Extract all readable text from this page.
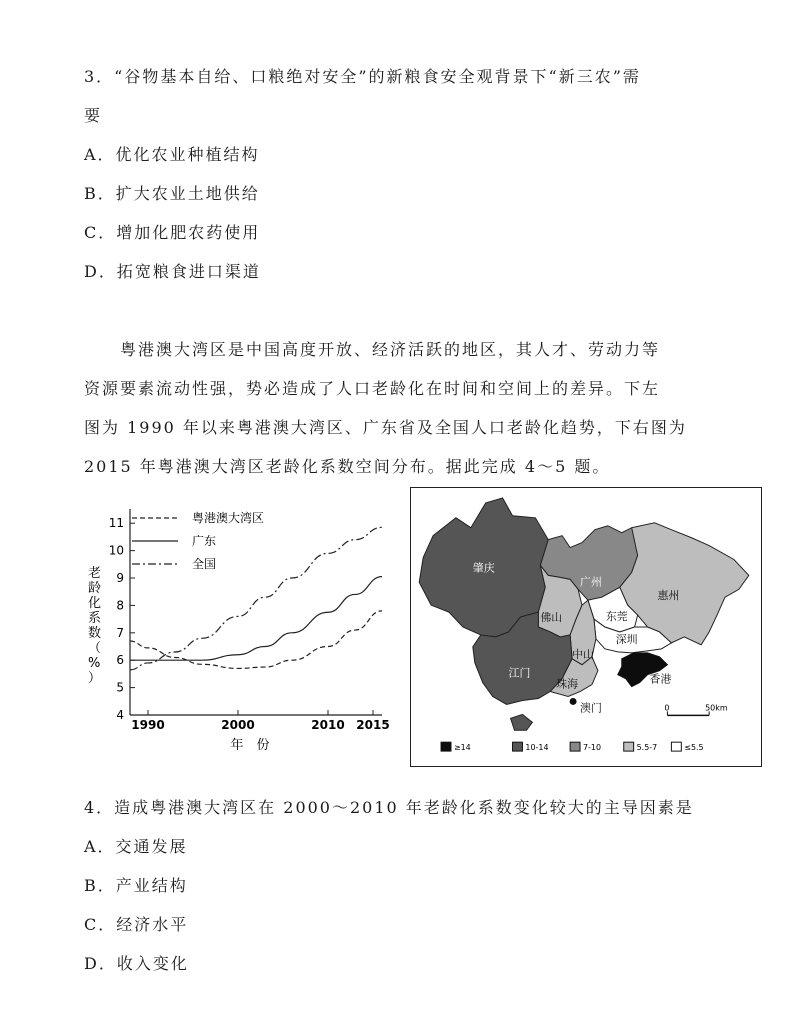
3．“谷物基本自给、口粮绝对安全”的新粮食安全观背景下“新三农”需
要
A．优化农业种植结构
B．扩大农业土地供给
C．增加化肥农药使用
D．拓宽粮食进口渠道
粤港澳大湾区是中国高度开放、经济活跃的地区，其人才、劳动力等
资源要素流动性强，势必造成了人口老龄化在时间和空间上的差异。下左
图为 1990 年以来粤港澳大湾区、广东省及全国人口老龄化趋势，下右图为
2015 年粤港澳大湾区老龄化系数空间分布。据此完成 4～5 题。
4
5
6
7
8
9
10
11
1990	2000	2010 2015
粤港澳大湾区
广东
全国
老龄化系数（%）
年　份
肇庆
广州
惠州
佛山	东莞
深圳
香港
中山
江门
珠海
澳门	0	50km
≥14	10-14	7-10	5.5-7	≤5.5
4．造成粤港澳大湾区在 2000～2010 年老龄化系数变化较大的主导因素是
A．交通发展
B．产业结构
C．经济水平
D．收入变化
